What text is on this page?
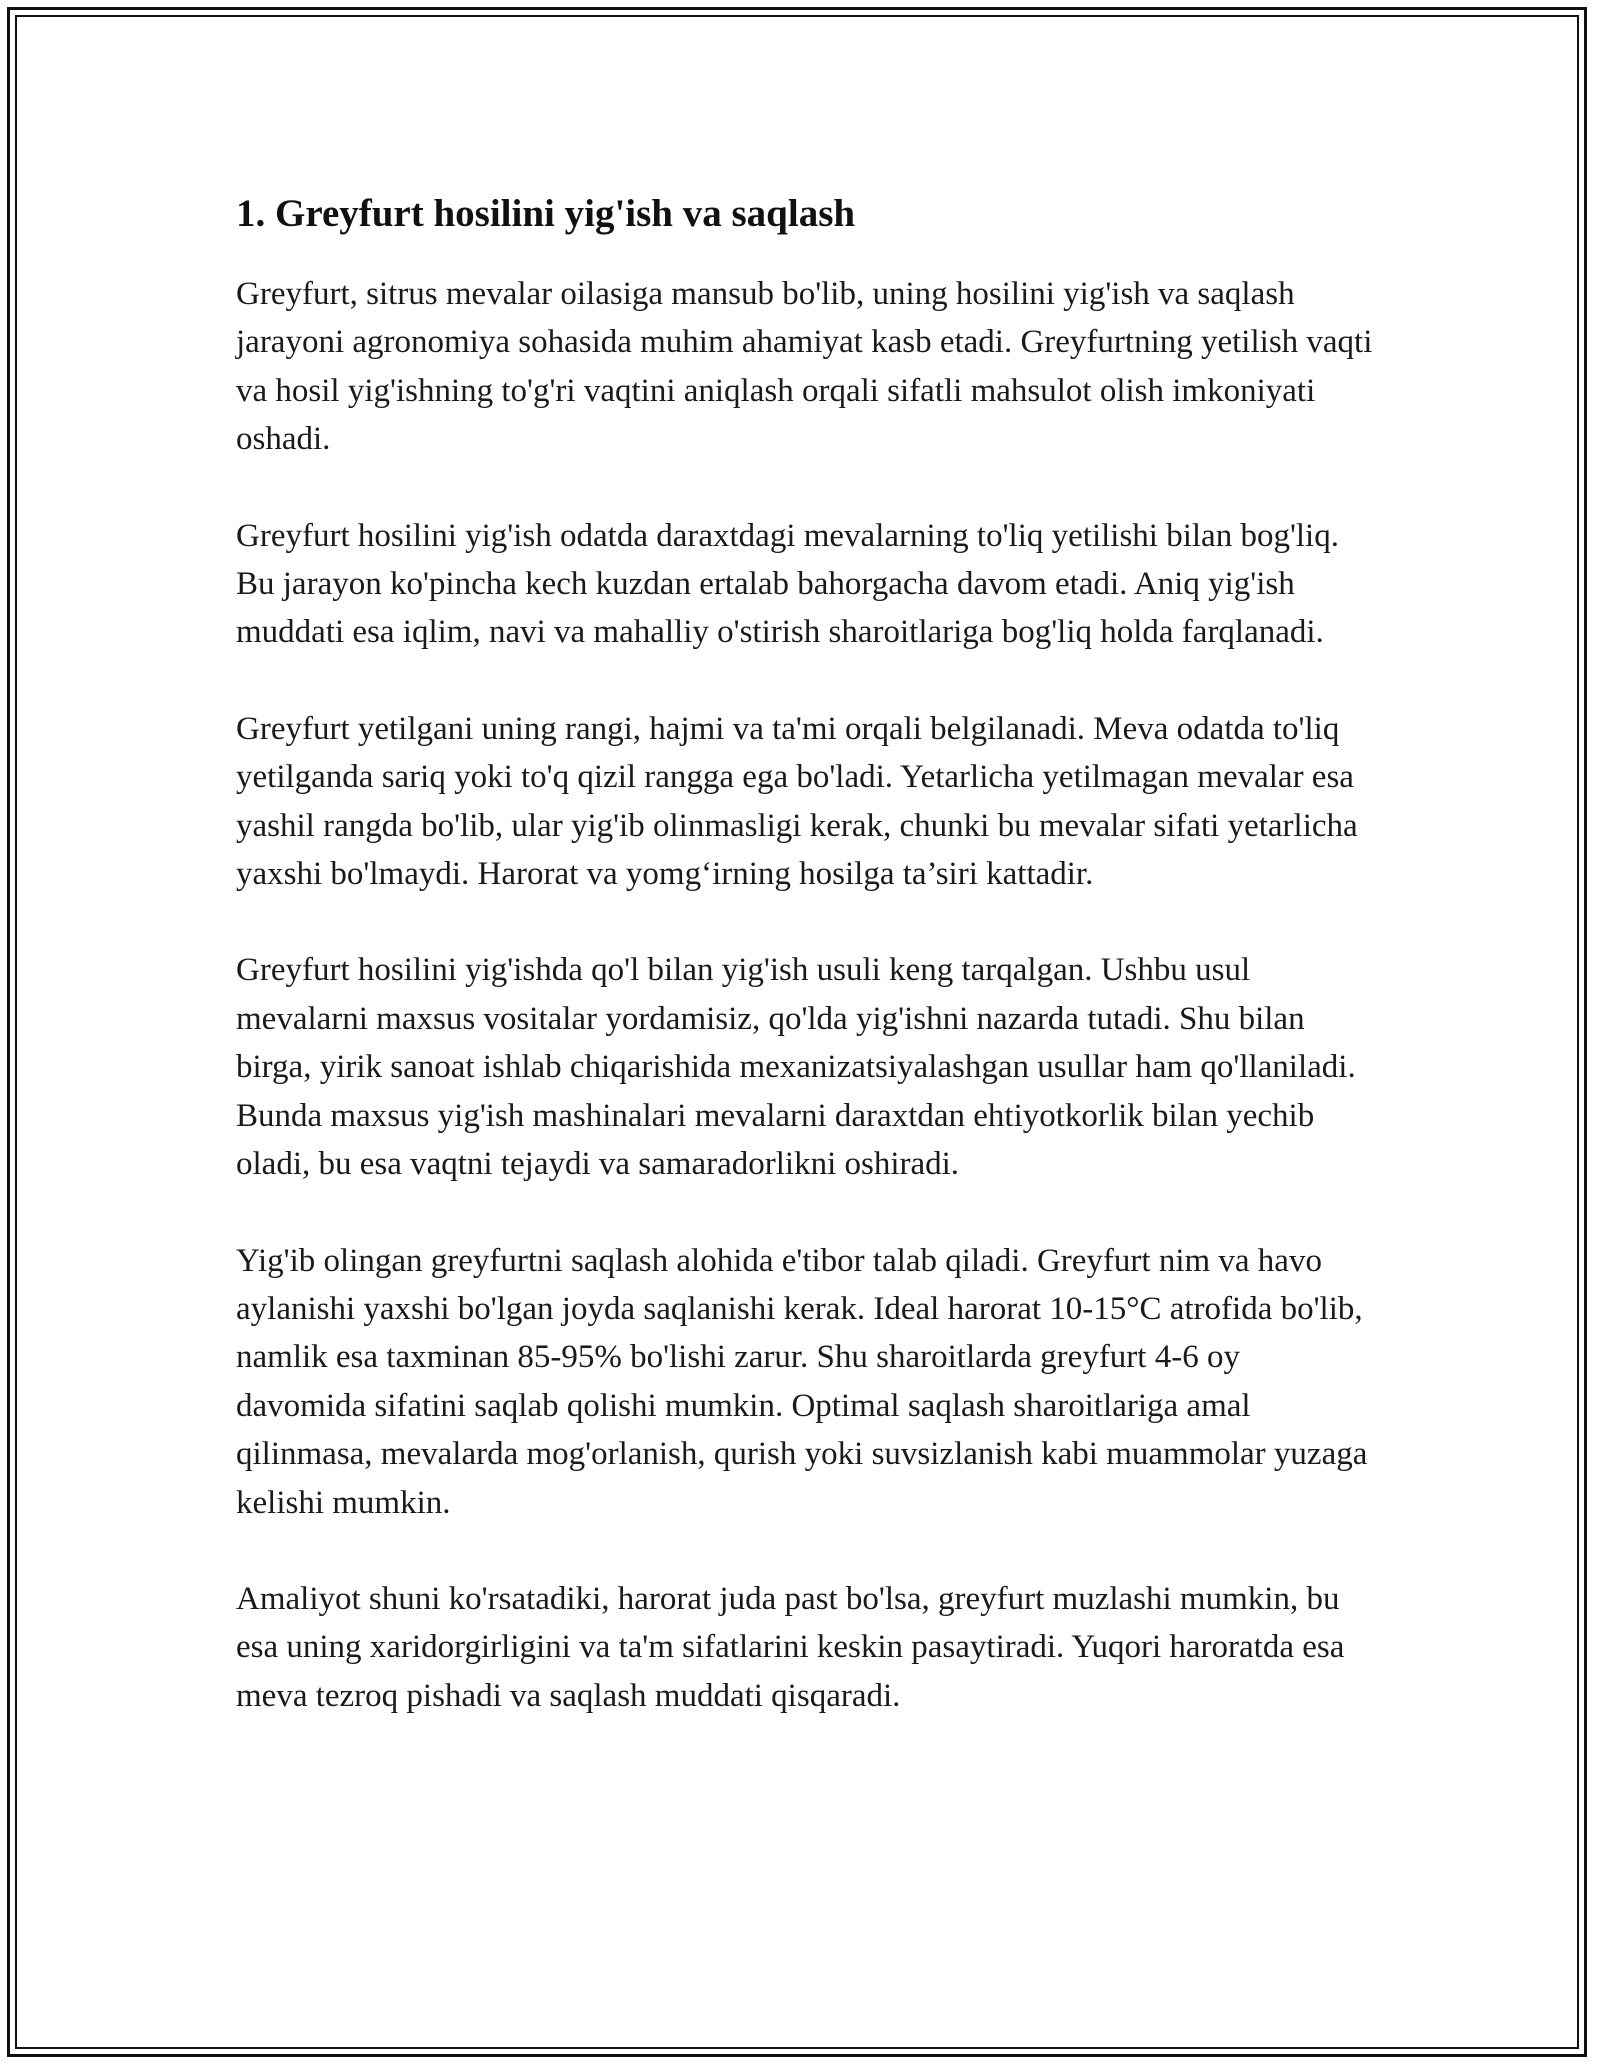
1. Greyfurt hosilini yig'ish va saqlash

Greyfurt, sitrus mevalar oilasiga mansub bo'lib, uning hosilini yig'ish va saqlash jarayoni agronomiya sohasida muhim ahamiyat kasb etadi. Greyfurtning yetilish vaqti va hosil yig'ishning to'g'ri vaqtini aniqlash orqali sifatli mahsulot olish imkoniyati oshadi.

Greyfurt hosilini yig'ish odatda daraxtdagi mevalarning to'liq yetilishi bilan bog'liq. Bu jarayon ko'pincha kech kuzdan ertalab bahorgacha davom etadi. Aniq yig'ish muddati esa iqlim, navi va mahalliy o'stirish sharoitlariga bog'liq holda farqlanadi.

Greyfurt yetilgani uning rangi, hajmi va ta'mi orqali belgilanadi. Meva odatda to'liq yetilganda sariq yoki to'q qizil rangga ega bo'ladi. Yetarlicha yetilmagan mevalar esa yashil rangda bo'lib, ular yig'ib olinmasligi kerak, chunki bu mevalar sifati yetarlicha yaxshi bo'lmaydi. Harorat va yomg‘irning hosilga ta’siri kattadir.

Greyfurt hosilini yig'ishda qo'l bilan yig'ish usuli keng tarqalgan. Ushbu usul mevalarni maxsus vositalar yordamisiz, qo'lda yig'ishni nazarda tutadi. Shu bilan birga, yirik sanoat ishlab chiqarishida mexanizatsiyalashgan usullar ham qo'llaniladi. Bunda maxsus yig'ish mashinalari mevalarni daraxtdan ehtiyotkorlik bilan yechib oladi, bu esa vaqtni tejaydi va samaradorlikni oshiradi.

Yig'ib olingan greyfurtni saqlash alohida e'tibor talab qiladi. Greyfurt nim va havo aylanishi yaxshi bo'lgan joyda saqlanishi kerak. Ideal harorat 10-15°C atrofida bo'lib, namlik esa taxminan 85-95% bo'lishi zarur. Shu sharoitlarda greyfurt 4-6 oy davomida sifatini saqlab qolishi mumkin. Optimal saqlash sharoitlariga amal qilinmasa, mevalarda mog'orlanish, qurish yoki suvsizlanish kabi muammolar yuzaga kelishi mumkin.

Amaliyot shuni ko'rsatadiki, harorat juda past bo'lsa, greyfurt muzlashi mumkin, bu esa uning xaridorgirligini va ta'm sifatlarini keskin pasaytiradi. Yuqori haroratda esa meva tezroq pishadi va saqlash muddati qisqaradi.
